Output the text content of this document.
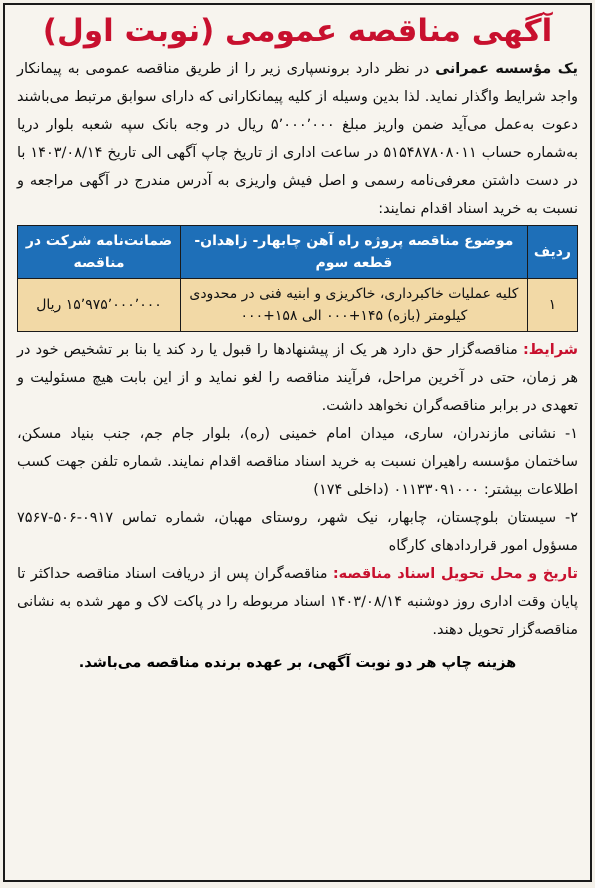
آگهی مناقصه عمومی (نوبت اول)

یک مؤسسه عمرانی در نظر دارد برونسپاری زیر را از طریق مناقصه عمومی به پیمانکار واجد شرایط واگذار نماید. لذا بدین وسیله از کلیه پیمانکارانی که دارای سوابق مرتبط می‌باشند دعوت به‌عمل می‌آید ضمن واریز مبلغ ۵٬۰۰۰٬۰۰۰ ریال در وجه بانک سپه شعبه بلوار دریا به‌شماره حساب ۵۱۵۴۸۷۸۰۸۰۱۱ در ساعت اداری از تاریخ چاپ آگهی الی تاریخ ۱۴۰۳/۰۸/۱۴ با در دست داشتن معرفی‌نامه رسمی و اصل فیش واریزی به آدرس مندرج در آگهی مراجعه و نسبت به خرید اسناد اقدام نمایند:

ردیف	موضوع مناقصه پروژه راه آهن چابهار- زاهدان- قطعه سوم	ضمانت‌نامه شرکت در مناقصه
۱	کلیه عملیات خاکبرداری، خاکریزی و ابنیه فنی در محدودی کیلومتر (بازه) ۱۴۵+۰۰۰ الی ۱۵۸+۰۰۰	۱۵٬۹۷۵٬۰۰۰٬۰۰۰ ریال

شرایط: مناقصه‌گزار حق دارد هر یک از پیشنهادها را قبول یا رد کند یا بنا بر تشخیص خود در هر زمان، حتی در آخرین مراحل، فرآیند مناقصه را لغو نماید و از این بابت هیچ مسئولیت و تعهدی در برابر مناقصه‌گران نخواهد داشت.

۱- نشانی مازندران، ساری، میدان امام خمینی (ره)، بلوار جام جم، جنب بنیاد مسکن، ساختمان مؤسسه راهیران نسبت به خرید اسناد مناقصه اقدام نمایند. شماره تلفن جهت کسب اطلاعات بیشتر: ۰۱۱۳۳۰۹۱۰۰۰ (داخلی ۱۷۴)

۲- سیستان بلوچستان، چابهار، نیک شهر، روستای مهبان، شماره تماس ۰۹۱۷-۵۰۶-۷۵۶۷ مسؤول امور قراردادهای کارگاه

تاریخ و محل تحویل اسناد مناقصه: مناقصه‌گران پس از دریافت اسناد مناقصه حداکثر تا پایان وقت اداری روز دوشنبه ۱۴۰۳/۰۸/۱۴ اسناد مربوطه را در پاکت لاک و مهر شده به نشانی مناقصه‌گزار تحویل دهند.

هزینه چاپ هر دو نوبت آگهی، بر عهده برنده مناقصه می‌باشد.
